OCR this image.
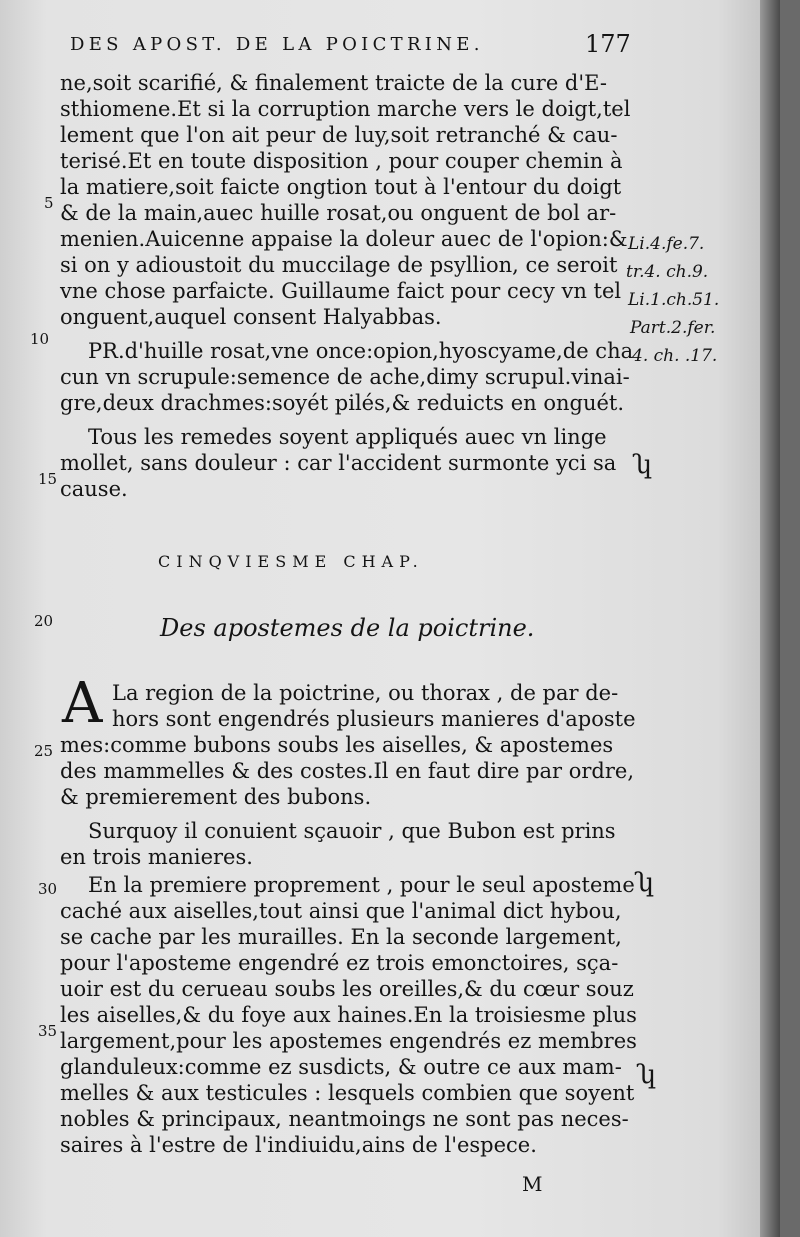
DES APOST. DE LA POICTRINE.	177
ne,soit scarifié, & finalement traicte de la cure d'E-
sthiomene.Et si la corruption marche vers le doigt,tel
lement que l'on ait peur de luy,soit retranché & cau-
terisé.Et en toute disposition , pour couper chemin à
la matiere,soit faicte ongtion tout à l'entour du doigt
& de la main,auec huille rosat,ou onguent de bol ar-
menien.Auicenne appaise la doleur auec de l'opion:&
si on y adioustoit du muccilage de psyllion, ce seroit
vne chose parfaicte. Guillaume faict pour cecy vn tel
onguent,auquel consent Halyabbas.
PR.d'huille rosat,vne once:opion,hyoscyame,de cha
cun vn scrupule:semence de ache,dimy scrupul.vinai-
gre,deux drachmes:soyét pilés,& reduicts en onguét.
Tous les remedes soyent appliqués auec vn linge
mollet, sans douleur : car l'accident surmonte yci sa
cause.
CINQVIESME CHAP.
Des apostemes de la poictrine.
A La region de la poictrine, ou thorax , de par de-
hors sont engendrés plusieurs manieres d'aposte
mes:comme bubons soubs les aiselles, & apostemes
des mammelles & des costes.Il en faut dire par ordre,
& premierement des bubons.
Surquoy il conuient sçauoir , que Bubon est prins
en trois manieres.
En la premiere proprement , pour le seul aposteme
caché aux aiselles,tout ainsi que l'animal dict hybou,
se cache par les murailles. En la seconde largement,
pour l'aposteme engendré ez trois emonctoires, sça-
uoir est du cerueau soubs les oreilles,& du cœur souz
les aiselles,& du foye aux haines.En la troisiesme plus
largement,pour les apostemes engendrés ez membres
glanduleux:comme ez susdicts, & outre ce aux mam-
melles & aux testicules : lesquels combien que soyent
nobles & principaux, neantmoings ne sont pas neces-
saires à l'estre de l'indiuidu,ains de l'espece.
5
10
15
20
25
30
35
Li.4.fe.7.
tr.4. ch.9.
Li.1.ch.51.
Part.2.fer.
4. ch. .17.
ʮ
ʮ
ʮ
M
